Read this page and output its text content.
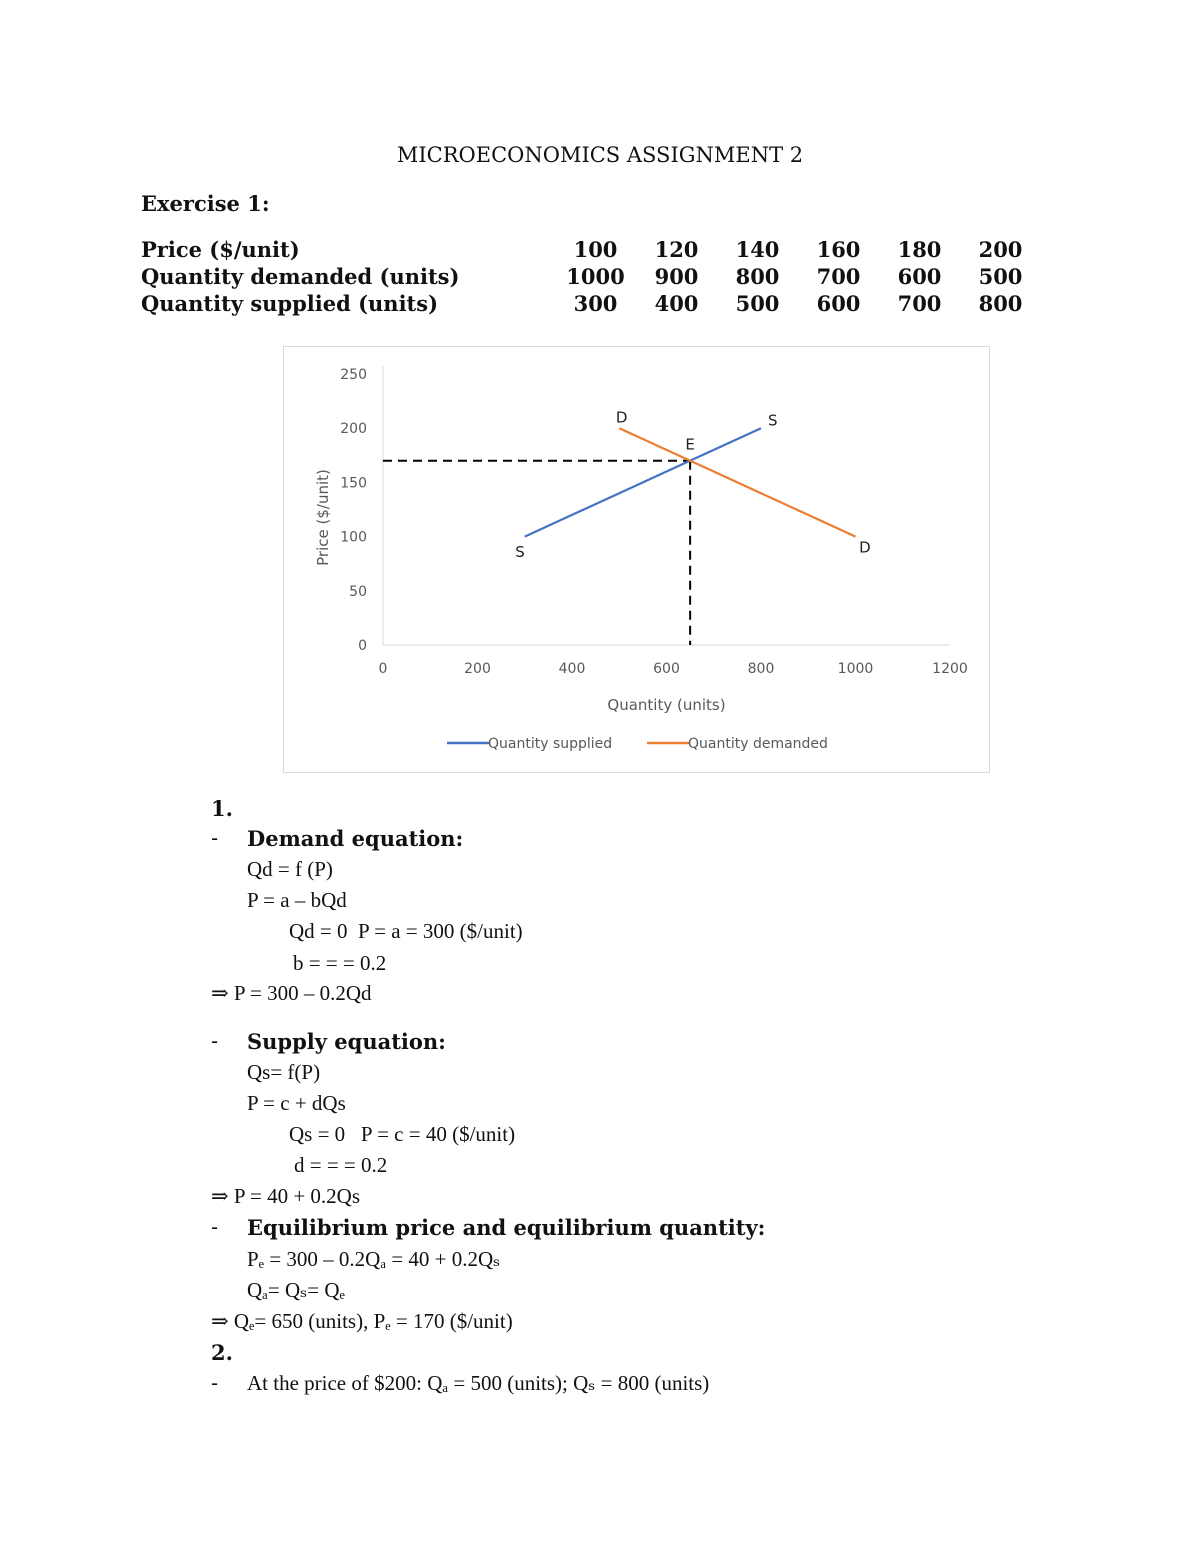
MICROECONOMICS ASSIGNMENT 2
Exercise 1:
Price ($/unit)	100	120	140	160	180	200
Quantity demanded (units)	1000	900	800	700	600	500
Quantity supplied (units)	300	400	500	600	700	800
0
50
100
150
200
250
0	200	400	600	800	1000	1200
Quantity (units)
Price ($/unit)	S
S
D
D
E
Quantity supplied	Quantity demanded
1.
- Demand equation:
Qd = f (P)
P = a – bQd
Qd = 0  P = a = 300 ($/unit)
b = = = 0.2
⇒ P = 300 – 0.2Qd
- Supply equation:
Qs= f(P)
P = c + dQs
Qs = 0   P = c = 40 ($/unit)
d = = = 0.2
⇒ P = 40 + 0.2Qs
- Equilibrium price and equilibrium quantity:
Pₑ = 300 – 0.2Qₐ = 40 + 0.2Qₛ
Qₐ= Qₛ= Qₑ
⇒ Qₑ= 650 (units), Pₑ = 170 ($/unit)
2.
- At the price of $200: Qₐ = 500 (units); Qₛ = 800 (units)
